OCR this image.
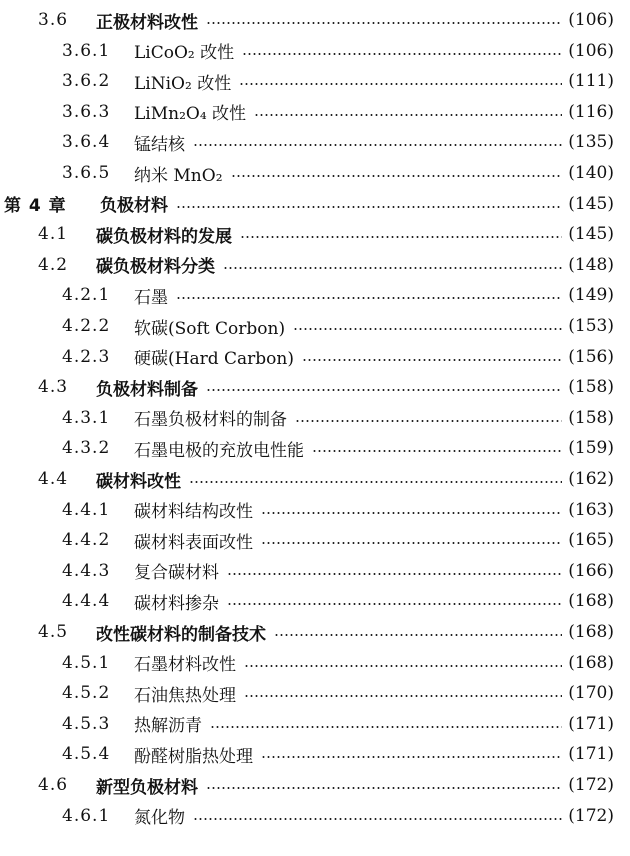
3.6	正极材料改性	(106)
3.6.1	LiCoO₂ 改性	(106)
3.6.2	LiNiO₂ 改性	(111)
3.6.3	LiMn₂O₄ 改性	(116)
3.6.4	锰结核	(135)
3.6.5	纳米 MnO₂	(140)
第 4 章	负极材料	(145)
4.1	碳负极材料的发展	(145)
4.2	碳负极材料分类	(148)
4.2.1	石墨	(149)
4.2.2	软碳(Soft Corbon)	(153)
4.2.3	硬碳(Hard Carbon)	(156)
4.3	负极材料制备	(158)
4.3.1	石墨负极材料的制备	(158)
4.3.2	石墨电极的充放电性能	(159)
4.4	碳材料改性	(162)
4.4.1	碳材料结构改性	(163)
4.4.2	碳材料表面改性	(165)
4.4.3	复合碳材料	(166)
4.4.4	碳材料掺杂	(168)
4.5	改性碳材料的制备技术	(168)
4.5.1	石墨材料改性	(168)
4.5.2	石油焦热处理	(170)
4.5.3	热解沥青	(171)
4.5.4	酚醛树脂热处理	(171)
4.6	新型负极材料	(172)
4.6.1	氮化物	(172)
